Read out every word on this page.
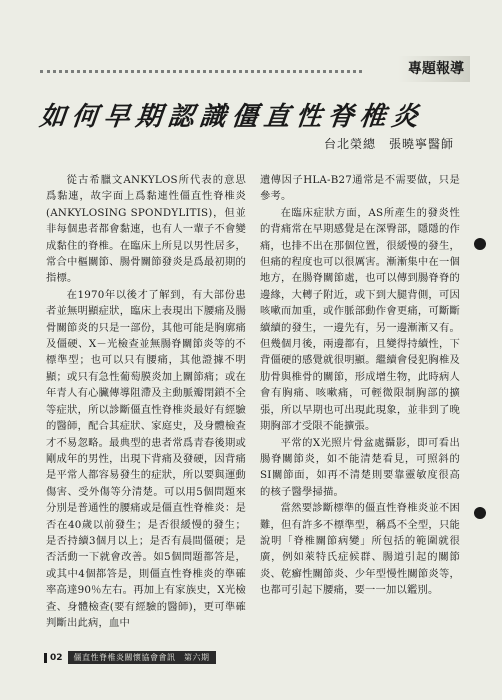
專題報導
如何早期認識僵直性脊椎炎
台北榮總　張曉寧醫師

從古希臘文ANKYLOS所代表的意思爲黏連，故字面上爲黏連性僵直性脊椎炎(ANKYLOSING SPONDYLITIS)，但並非每個患者都會黏連，也有人一輩子不會變成黏住的脊椎。在臨床上所見以男性居多，常合中樞關節、腸骨關節發炎是爲最初期的指標。

在1970年以後才了解到，有大部份患者並無明顯症狀，臨床上表現出下腰痛及腸骨關節炎的只是一部份，其他可能是胸廓痛及僵硬、X－光檢查並無腸脊關節炎等的不標準型；也可以只有腰痛，其他證據不明顯；或只有急性葡萄膜炎加上關節痛；或在年青人有心臟傳導阻滯及主動脈瓣閉鎖不全等症狀，所以診斷僵直性脊椎炎最好有經驗的醫師，配合其症狀、家庭史，及身體檢查才不易忽略。最典型的患者常爲青春後期或剛成年的男性，出現下背痛及發硬，因背痛是平常人都容易發生的症狀，所以要與運動傷害、受外傷等分清楚。可以用5個問題來分別是普通性的腰痛或是僵直性脊椎炎：是否在40歲以前發生；是否很緩慢的發生；是否持續3個月以上；是否有晨間僵硬；是否活動一下就會改善。如5個問題都答是，或其中4個都答是，則僵直性脊椎炎的準確率高達90％左右。再加上有家族史，X光檢查、身體檢查(要有經驗的醫師)，更可準確判斷出此病，血中

遺傳因子HLA-B27通常是不需要做，只是參考。

在臨床症狀方面，AS所產生的發炎性的背痛常在早期感覺是在深臀部，隱隱的作痛，也排不出在那個位置，很緩慢的發生，但痛的程度也可以很厲害。漸漸集中在一個地方，在腸脊關節處，也可以傳到腸脊脊的邊緣，大轉子附近，或下到大腿背側，可因咳嗽而加重，或作脈部動作會更痛，可斷斷續續的發生，一邊先有，另一邊漸漸又有。但幾個月後，兩邊都有，且變得持續性，下背僵硬的感覺就很明顯。繼續會侵犯胸椎及肋骨與椎骨的關節，形成增生物，此時病人會有胸痛、咳嗽痛，可輕微限制胸部的擴張，所以早期也可出現此現象，並非到了晚期胸部才受限不能擴張。

平常的X光照片骨盆處攝影，即可看出腸脊關節炎，如不能清楚看見，可照斜的SI關節面，如再不清楚則要靠靈敏度很高的核子醫學掃描。

當然要診斷標準的僵直性脊椎炎並不困難，但有許多不標準型，稱爲不全型，只能說明「脊椎關節病變」所包括的範圍就很廣，例如萊特氏症候群、腸道引起的關節炎、乾癬性關節炎、少年型慢性關節炎等，也都可引起下腰痛，要一一加以鑑別。

02	僵直性脊椎炎關懷協會會訊　第六期
